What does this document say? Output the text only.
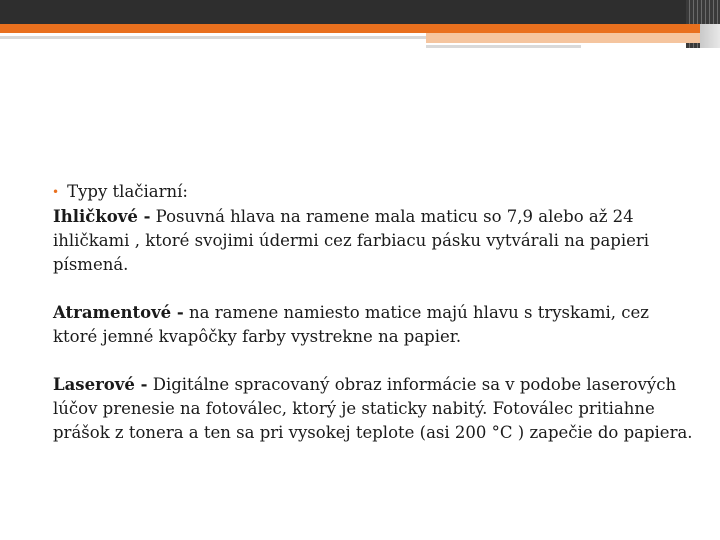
• Typy tlačiarní:

Ihličkové - Posuvná hlava na ramene mala maticu so 7,9 alebo až 24 ihličkami , ktoré svojimi údermi cez farbiacu pásku vytvárali na papieri písmená.

Atramentové - na ramene namiesto matice majú hlavu s tryskami, cez ktoré jemné kvapôčky farby vystrekne na papier.

Laserové - Digitálne spracovaný obraz informácie sa v podobe laserových lúčov prenesie na fotoválec, ktorý je staticky nabitý. Fotoválec pritiahne prášok z tonera a ten sa pri vysokej teplote (asi 200 °C ) zapečie do papiera.
